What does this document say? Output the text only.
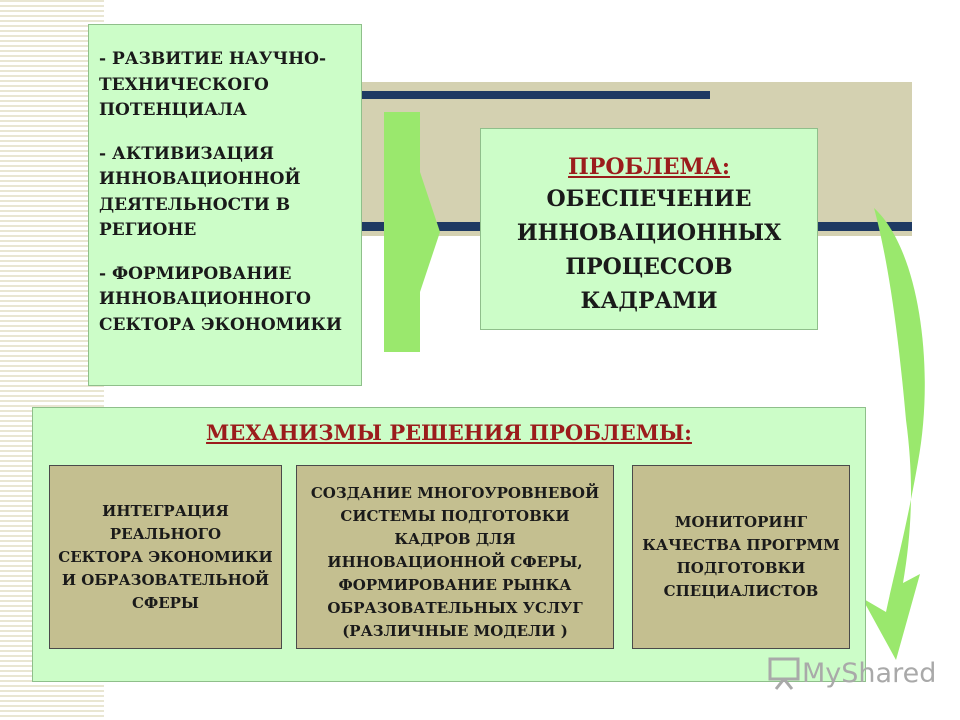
- РАЗВИТИЕ НАУЧНО-ТЕХНИЧЕСКОГО ПОТЕНЦИАЛА

- АКТИВИЗАЦИЯ ИННОВАЦИОННОЙ ДЕЯТЕЛЬНОСТИ В РЕГИОНЕ

- ФОРМИРОВАНИЕ ИННОВАЦИОННОГО СЕКТОРА ЭКОНОМИКИ

ПРОБЛЕМА:
ОБЕСПЕЧЕНИЕ ИННОВАЦИОННЫХ ПРОЦЕССОВ КАДРАМИ
МЕХАНИЗМЫ РЕШЕНИЯ ПРОБЛЕМЫ:
ИНТЕГРАЦИЯ
РЕАЛЬНОГО
СЕКТОРА ЭКОНОМИКИ
И ОБРАЗОВАТЕЛЬНОЙ
СФЕРЫ
СОЗДАНИЕ МНОГОУРОВНЕВОЙ
СИСТЕМЫ ПОДГОТОВКИ
КАДРОВ ДЛЯ
ИННОВАЦИОННОЙ СФЕРЫ,
ФОРМИРОВАНИЕ РЫНКА
ОБРАЗОВАТЕЛЬНЫХ УСЛУГ
(РАЗЛИЧНЫЕ МОДЕЛИ )
МОНИТОРИНГ
КАЧЕСТВА ПРОГРММ
ПОДГОТОВКИ
СПЕЦИАЛИСТОВ
MyShared
